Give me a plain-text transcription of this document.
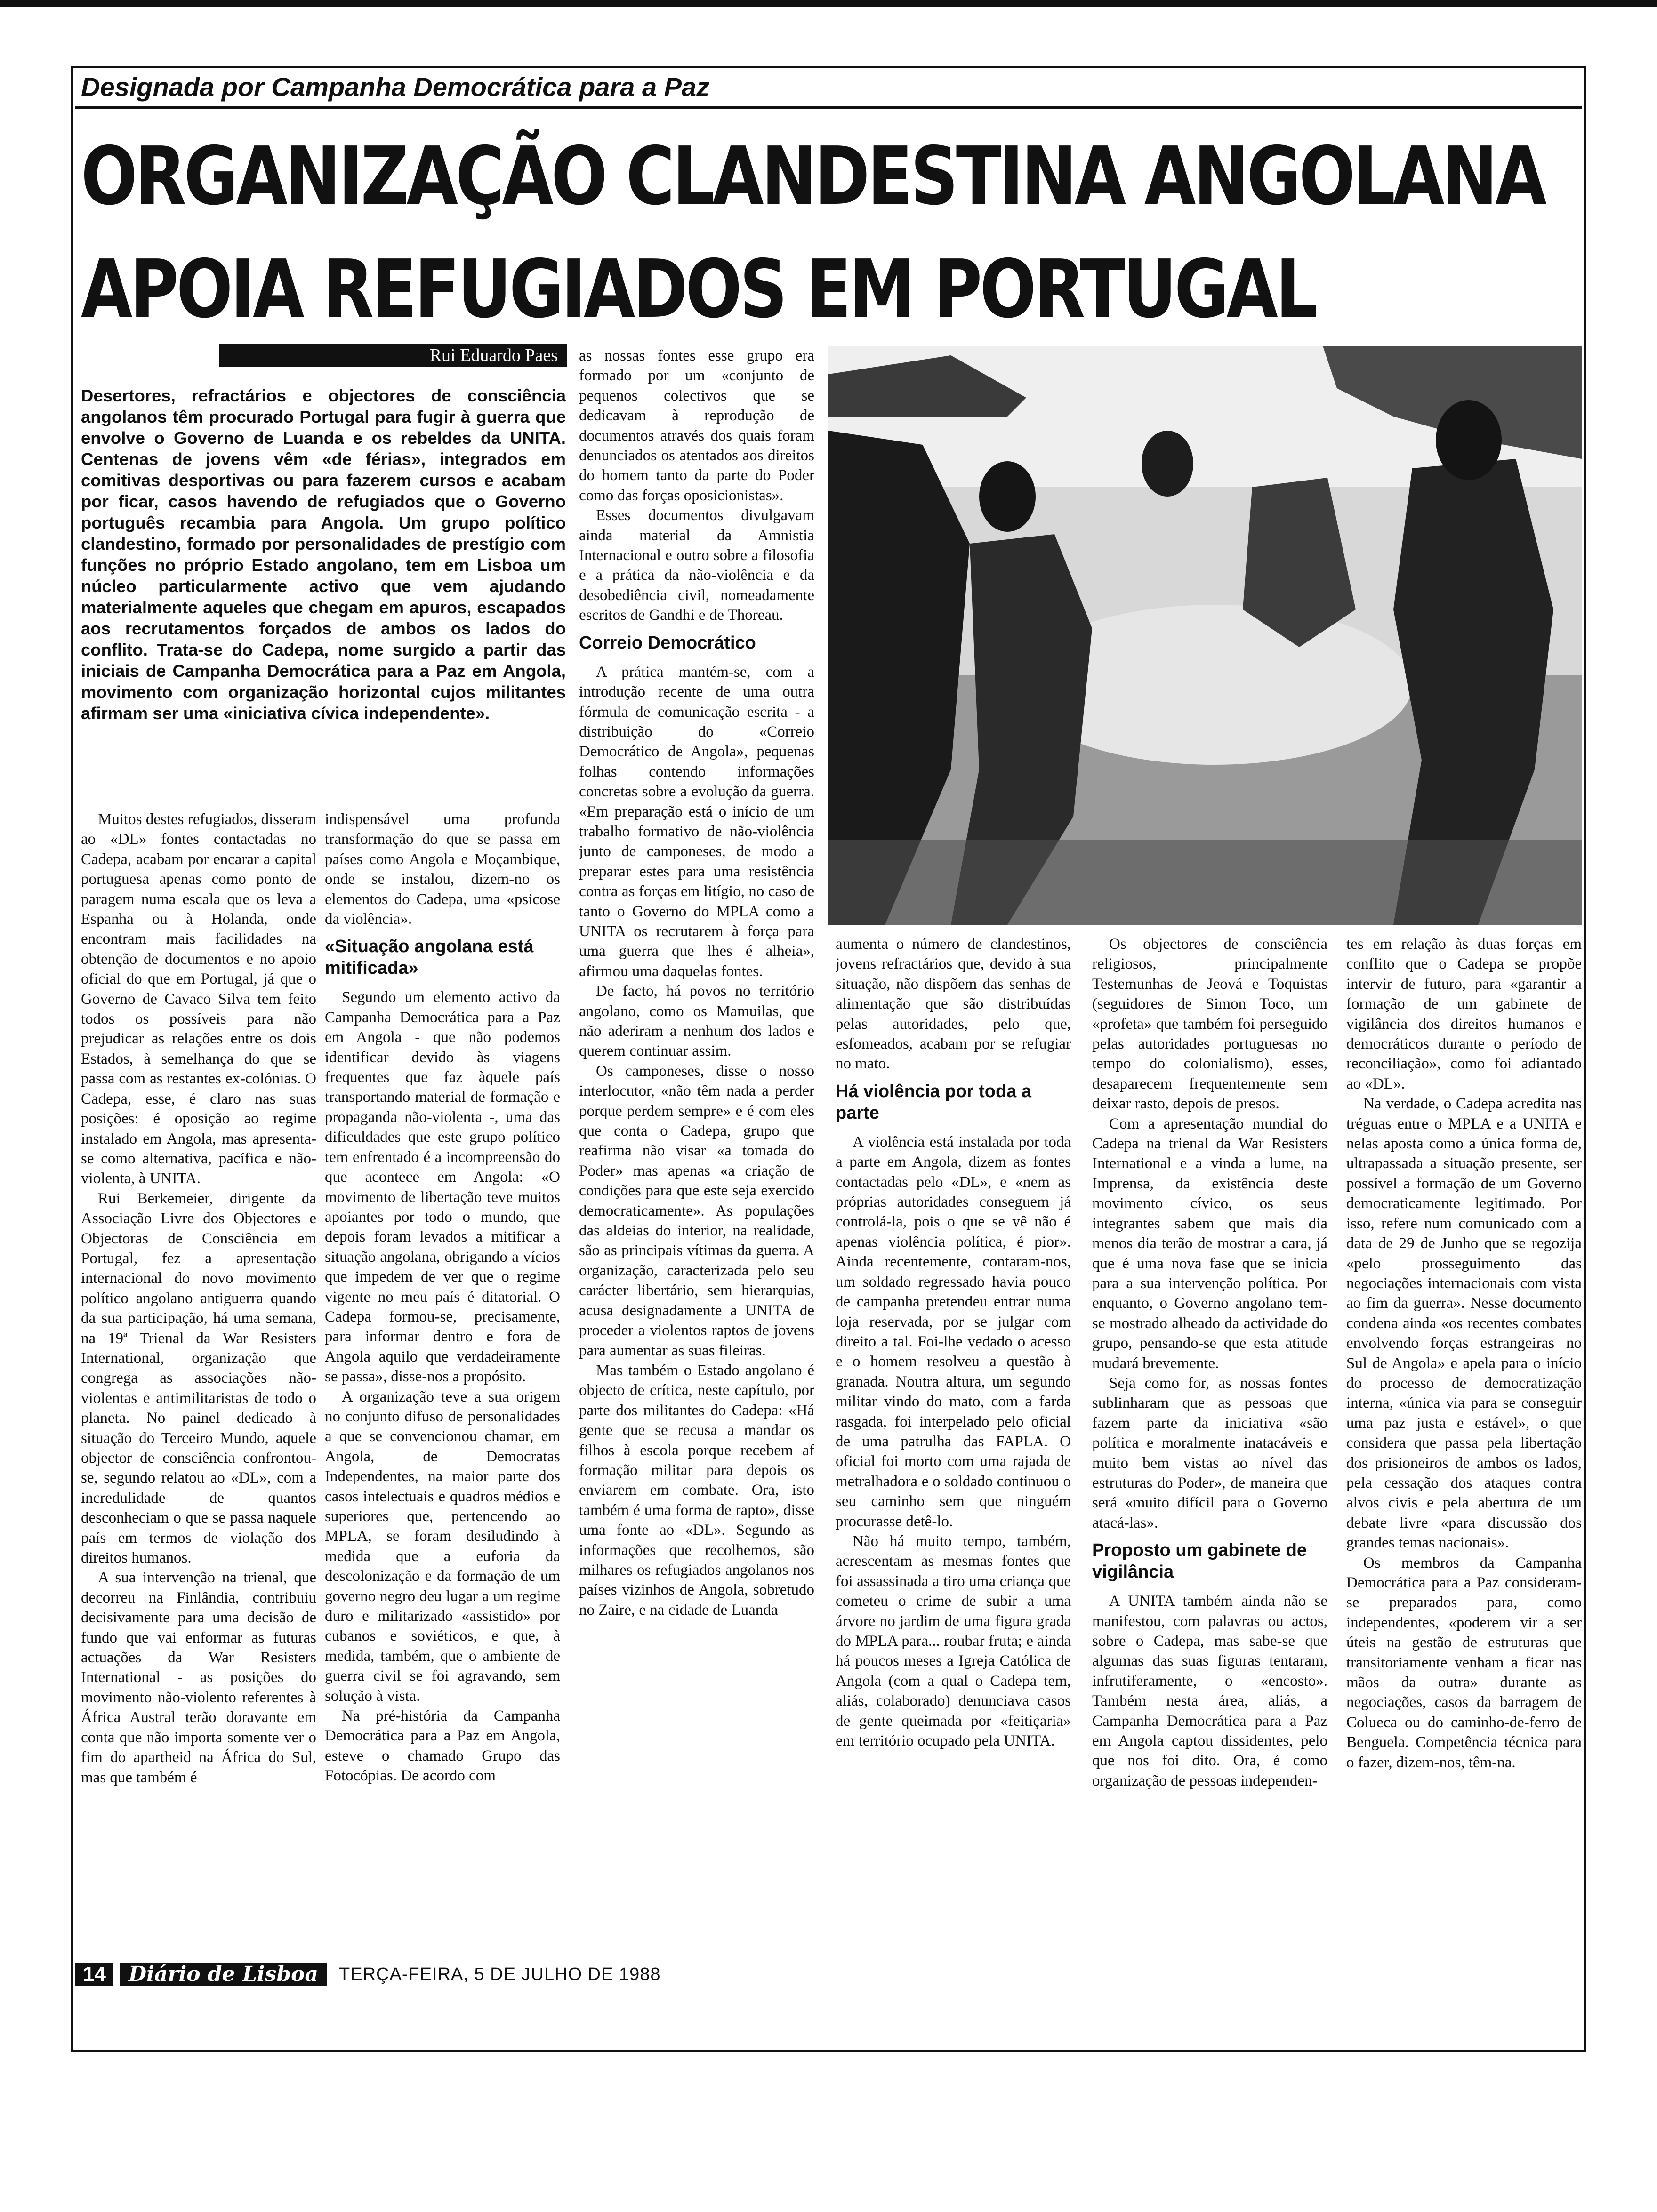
Designada por Campanha Democrática para a Paz
ORGANIZAÇÃO CLANDESTINA ANGOLANA
APOIA REFUGIADOS EM PORTUGAL
Rui Eduardo Paes

Desertores, refractários e objectores de consciência angolanos têm procurado Portugal para fugir à guerra que envolve o Governo de Luanda e os rebeldes da UNITA. Centenas de jovens vêm «de férias», integrados em comitivas desportivas ou para fazerem cursos e acabam por ficar, casos havendo de refugiados que o Governo português recambia para Angola. Um grupo político clandestino, formado por personalidades de prestígio com funções no próprio Estado angolano, tem em Lisboa um núcleo particularmente activo que vem ajudando materialmente aqueles que chegam em apuros, escapados aos recrutamentos forçados de ambos os lados do conflito. Trata-se do Cadepa, nome surgido a partir das iniciais de Campanha Democrática para a Paz em Angola, movimento com organização horizontal cujos militantes afirmam ser uma «iniciativa cívica independente».

Muitos destes refugiados, disseram ao «DL» fontes contactadas no Cadepa, acabam por encarar a capital portuguesa apenas como ponto de paragem numa escala que os leva a Espanha ou à Holanda, onde encontram mais facilidades na obtenção de documentos e no apoio oficial do que em Portugal, já que o Governo de Cavaco Silva tem feito todos os possíveis para não prejudicar as relações entre os dois Estados, à semelhança do que se passa com as restantes ex-colónias. O Cadepa, esse, é claro nas suas posições: é oposição ao regime instalado em Angola, mas apresenta-se como alternativa, pacífica e não-violenta, à UNITA.

Rui Berkemeier, dirigente da Associação Livre dos Objectores e Objectoras de Consciência em Portugal, fez a apresentação internacional do novo movimento político angolano antiguerra quando da sua participação, há uma semana, na 19ª Trienal da War Resisters International, organização que congrega as associações não-violentas e antimilitaristas de todo o planeta. No painel dedicado à situação do Terceiro Mundo, aquele objector de consciência confrontou-se, segundo relatou ao «DL», com a incredulidade de quantos desconheciam o que se passa naquele país em termos de violação dos direitos humanos.

A sua intervenção na trienal, que decorreu na Finlândia, contribuiu decisivamente para uma decisão de fundo que vai enformar as futuras actuações da War Resisters International - as posições do movimento não-violento referentes à África Austral terão doravante em conta que não importa somente ver o fim do apartheid na África do Sul, mas que também é

indispensável uma profunda transformação do que se passa em países como Angola e Moçambique, onde se instalou, dizem-no os elementos do Cadepa, uma «psicose da violência».

«Situação angolana está mitificada»

Segundo um elemento activo da Campanha Democrática para a Paz em Angola - que não podemos identificar devido às viagens frequentes que faz àquele país transportando material de formação e propaganda não-violenta -, uma das dificuldades que este grupo político tem enfrentado é a incompreensão do que acontece em Angola: «O movimento de libertação teve muitos apoiantes por todo o mundo, que depois foram levados a mitificar a situação angolana, obrigando a vícios que impedem de ver que o regime vigente no meu país é ditatorial. O Cadepa formou-se, precisamente, para informar dentro e fora de Angola aquilo que verdadeiramente se passa», disse-nos a propósito.

A organização teve a sua origem no conjunto difuso de personalidades a que se convencionou chamar, em Angola, de Democratas Independentes, na maior parte dos casos intelectuais e quadros médios e superiores que, pertencendo ao MPLA, se foram desiludindo à medida que a euforia da descolonização e da formação de um governo negro deu lugar a um regime duro e militarizado «assistido» por cubanos e soviéticos, e que, à medida, também, que o ambiente de guerra civil se foi agravando, sem solução à vista.

Na pré-história da Campanha Democrática para a Paz em Angola, esteve o chamado Grupo das Fotocópias. De acordo com

as nossas fontes esse grupo era formado por um «conjunto de pequenos colectivos que se dedicavam à reprodução de documentos através dos quais foram denunciados os atentados aos direitos do homem tanto da parte do Poder como das forças oposicionistas».

Esses documentos divulgavam ainda material da Amnistia Internacional e outro sobre a filosofia e a prática da não-violência e da desobediência civil, nomeadamente escritos de Gandhi e de Thoreau.

Correio Democrático

A prática mantém-se, com a introdução recente de uma outra fórmula de comunicação escrita - a distribuição do «Correio Democrático de Angola», pequenas folhas contendo informações concretas sobre a evolução da guerra. «Em preparação está o início de um trabalho formativo de não-violência junto de camponeses, de modo a preparar estes para uma resistência contra as forças em litígio, no caso de tanto o Governo do MPLA como a UNITA os recrutarem à força para uma guerra que lhes é alheia», afirmou uma daquelas fontes.

De facto, há povos no território angolano, como os Mamuilas, que não aderiram a nenhum dos lados e querem continuar assim.

Os camponeses, disse o nosso interlocutor, «não têm nada a perder porque perdem sempre» e é com eles que conta o Cadepa, grupo que reafirma não visar «a tomada do Poder» mas apenas «a criação de condições para que este seja exercido democraticamente». As populações das aldeias do interior, na realidade, são as principais vítimas da guerra. A organização, caracterizada pelo seu carácter libertário, sem hierarquias, acusa designadamente a UNITA de proceder a violentos raptos de jovens para aumentar as suas fileiras.

Mas também o Estado angolano é objecto de crítica, neste capítulo, por parte dos militantes do Cadepa: «Há gente que se recusa a mandar os filhos à escola porque recebem af formação militar para depois os enviarem em combate. Ora, isto também é uma forma de rapto», disse uma fonte ao «DL». Segundo as informações que recolhemos, são milhares os refugiados angolanos nos países vizinhos de Angola, sobretudo no Zaire, e na cidade de Luanda

aumenta o número de clandestinos, jovens refractários que, devido à sua situação, não dispõem das senhas de alimentação que são distribuídas pelas autoridades, pelo que, esfomeados, acabam por se refugiar no mato.

Há violência por toda a parte

A violência está instalada por toda a parte em Angola, dizem as fontes contactadas pelo «DL», e «nem as próprias autoridades conseguem já controlá-la, pois o que se vê não é apenas violência política, é pior». Ainda recentemente, contaram-nos, um soldado regressado havia pouco de campanha pretendeu entrar numa loja reservada, por se julgar com direito a tal. Foi-lhe vedado o acesso e o homem resolveu a questão à granada. Noutra altura, um segundo militar vindo do mato, com a farda rasgada, foi interpelado pelo oficial de uma patrulha das FAPLA. O oficial foi morto com uma rajada de metralhadora e o soldado continuou o seu caminho sem que ninguém procurasse detê-lo.

Não há muito tempo, também, acrescentam as mesmas fontes que foi assassinada a tiro uma criança que cometeu o crime de subir a uma árvore no jardim de uma figura grada do MPLA para... roubar fruta; e ainda há poucos meses a Igreja Católica de Angola (com a qual o Cadepa tem, aliás, colaborado) denunciava casos de gente queimada por «feitiçaria» em território ocupado pela UNITA.

Os objectores de consciência religiosos, principalmente Testemunhas de Jeová e Toquistas (seguidores de Simon Toco, um «profeta» que também foi perseguido pelas autoridades portuguesas no tempo do colonialismo), esses, desaparecem frequentemente sem deixar rasto, depois de presos.

Com a apresentação mundial do Cadepa na trienal da War Resisters International e a vinda a lume, na Imprensa, da existência deste movimento cívico, os seus integrantes sabem que mais dia menos dia terão de mostrar a cara, já que é uma nova fase que se inicia para a sua intervenção política. Por enquanto, o Governo angolano tem-se mostrado alheado da actividade do grupo, pensando-se que esta atitude mudará brevemente.

Seja como for, as nossas fontes sublinharam que as pessoas que fazem parte da iniciativa «são política e moralmente inatacáveis e muito bem vistas ao nível das estruturas do Poder», de maneira que será «muito difícil para o Governo atacá-las».

Proposto um gabinete de vigilância

A UNITA também ainda não se manifestou, com palavras ou actos, sobre o Cadepa, mas sabe-se que algumas das suas figuras tentaram, infrutiferamente, o «encosto». Também nesta área, aliás, a Campanha Democrática para a Paz em Angola captou dissidentes, pelo que nos foi dito. Ora, é como organização de pessoas independen-

tes em relação às duas forças em conflito que o Cadepa se propõe intervir de futuro, para «garantir a formação de um gabinete de vigilância dos direitos humanos e democráticos durante o período de reconciliação», como foi adiantado ao «DL».

Na verdade, o Cadepa acredita nas tréguas entre o MPLA e a UNITA e nelas aposta como a única forma de, ultrapassada a situação presente, ser possível a formação de um Governo democraticamente legitimado. Por isso, refere num comunicado com a data de 29 de Junho que se regozija «pelo prosseguimento das negociações internacionais com vista ao fim da guerra». Nesse documento condena ainda «os recentes combates envolvendo forças estrangeiras no Sul de Angola» e apela para o início do processo de democratização interna, «única via para se conseguir uma paz justa e estável», o que considera que passa pela libertação dos prisioneiros de ambos os lados, pela cessação dos ataques contra alvos civis e pela abertura de um debate livre «para discussão dos grandes temas nacionais».

Os membros da Campanha Democrática para a Paz consideram-se preparados para, como independentes, «poderem vir a ser úteis na gestão de estruturas que transitoriamente venham a ficar nas mãos da outra» durante as negociações, casos da barragem de Colueca ou do caminho-de-ferro de Benguela. Competência técnica para o fazer, dizem-nos, têm-na.

14	Diário de Lisboa	TERÇA-FEIRA, 5 DE JULHO DE 1988
